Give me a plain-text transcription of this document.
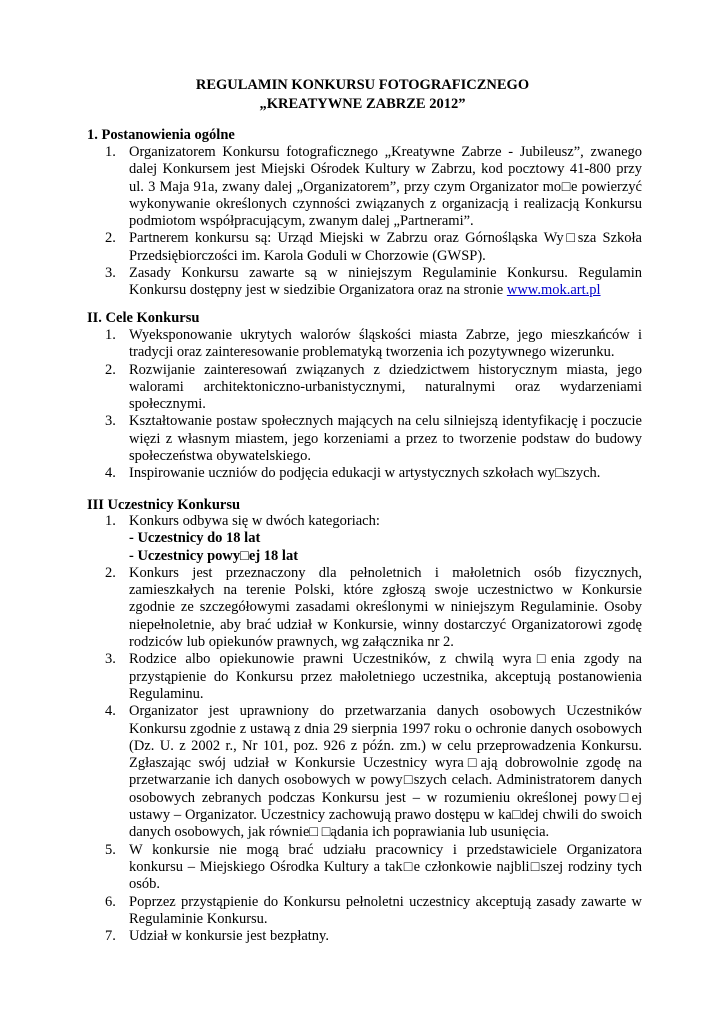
REGULAMIN KONKURSU FOTOGRAFICZNEGO
„KREATYWNE ZABRZE 2012”
1. Postanowienia ogólne
1. Organizatorem Konkursu fotograficznego „Kreatywne Zabrze - Jubileusz”, zwanego dalej Konkursem jest Miejski Ośrodek Kultury w Zabrzu, kod pocztowy 41-800 przy ul. 3 Maja 91a, zwany dalej „Organizatorem”, przy czym Organizator mo□e powierzyć wykonywanie określonych czynności związanych z organizacją i realizacją Konkursu podmiotom współpracującym, zwanym dalej „Partnerami”.
2. Partnerem konkursu są: Urząd Miejski w Zabrzu oraz Górnośląska Wy□sza Szkoła Przedsiębiorczości im. Karola Goduli w Chorzowie (GWSP).
3. Zasady Konkursu zawarte są w niniejszym Regulaminie Konkursu. Regulamin Konkursu dostępny jest w siedzibie Organizatora oraz na stronie www.mok.art.pl
II. Cele Konkursu
1. Wyeksponowanie ukrytych walorów śląskości miasta Zabrze, jego mieszkańców i tradycji oraz zainteresowanie problematyką tworzenia ich pozytywnego wizerunku.
2. Rozwijanie zainteresowań związanych z dziedzictwem historycznym miasta, jego walorami architektoniczno-urbanistycznymi, naturalnymi oraz wydarzeniami społecznymi.
3. Kształtowanie postaw społecznych mających na celu silniejszą identyfikację i poczucie więzi z własnym miastem, jego korzeniami a przez to tworzenie podstaw do budowy społeczeństwa obywatelskiego.
4. Inspirowanie uczniów do podjęcia edukacji w artystycznych szkołach wy□szych.
III Uczestnicy Konkursu
1. Konkurs odbywa się w dwóch kategoriach:
- Uczestnicy do 18 lat
- Uczestnicy powy□ej 18 lat
2. Konkurs jest przeznaczony dla pełnoletnich i małoletnich osób fizycznych, zamieszkałych na terenie Polski, które zgłoszą swoje uczestnictwo w Konkursie zgodnie ze szczegółowymi zasadami określonymi w niniejszym Regulaminie. Osoby niepełnoletnie, aby brać udział w Konkursie, winny dostarczyć Organizatorowi zgodę rodziców lub opiekunów prawnych, wg załącznika nr 2.
3. Rodzice albo opiekunowie prawni Uczestników, z chwilą wyra□enia zgody na przystąpienie do Konkursu przez małoletniego uczestnika, akceptują postanowienia Regulaminu.
4. Organizator jest uprawniony do przetwarzania danych osobowych Uczestników Konkursu zgodnie z ustawą z dnia 29 sierpnia 1997 roku o ochronie danych osobowych (Dz. U. z 2002 r., Nr 101, poz. 926 z późn. zm.) w celu przeprowadzenia Konkursu. Zgłaszając swój udział w Konkursie Uczestnicy wyra□ają dobrowolnie zgodę na przetwarzanie ich danych osobowych w powy□szych celach. Administratorem danych osobowych zebranych podczas Konkursu jest – w rozumieniu określonej powy□ej ustawy – Organizator. Uczestnicy zachowują prawo dostępu w ka□dej chwili do swoich danych osobowych, jak równie□ □ądania ich poprawiania lub usunięcia.
5. W konkursie nie mogą brać udziału pracownicy i przedstawiciele Organizatora konkursu – Miejskiego Ośrodka Kultury a tak□e członkowie najbli□szej rodziny tych osób.
6. Poprzez przystąpienie do Konkursu pełnoletni uczestnicy akceptują zasady zawarte w Regulaminie Konkursu.
7. Udział w konkursie jest bezpłatny.
